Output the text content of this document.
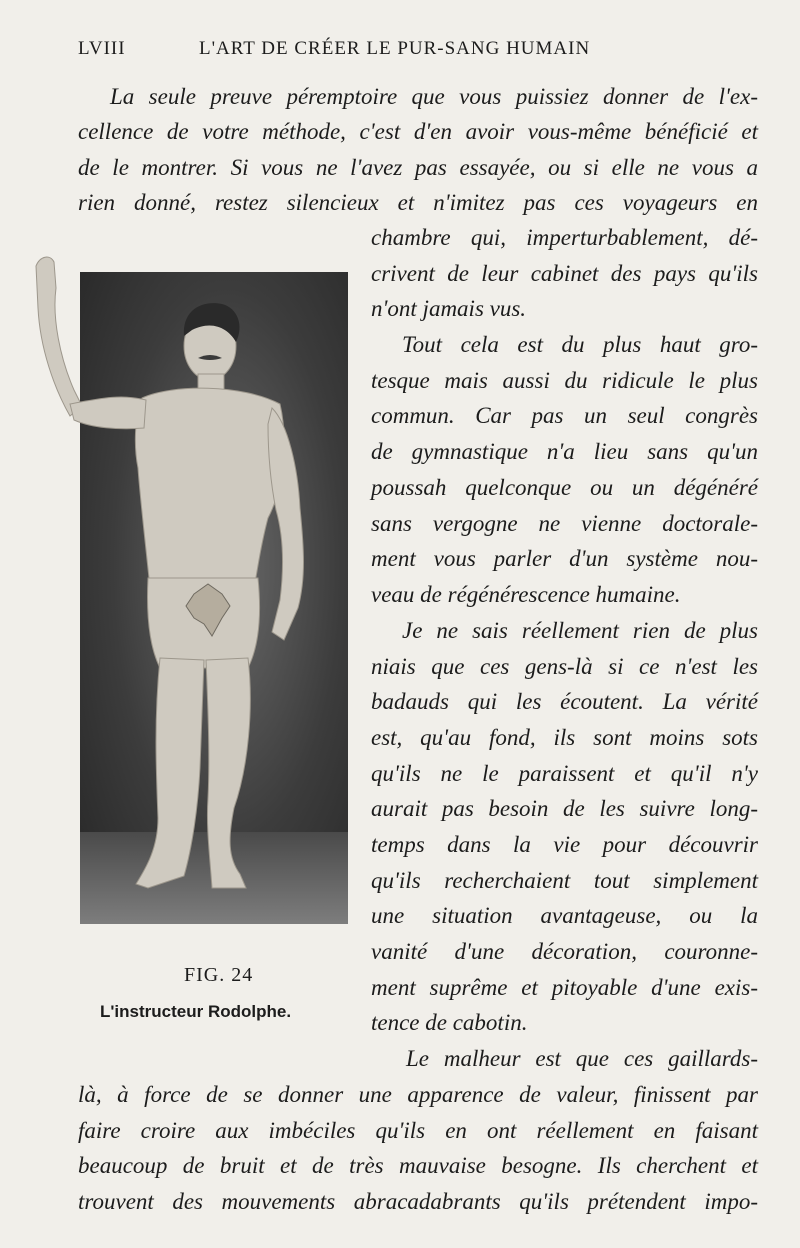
LVIII	L'ART DE CRÉER LE PUR-SANG HUMAIN
La seule preuve péremptoire que vous puissiez donner de l'ex-
cellence de votre méthode, c'est d'en avoir vous-même bénéficié et
de le montrer. Si vous ne l'avez pas essayée, ou si elle ne vous a
rien donné, restez silencieux et n'imitez pas ces voyageurs en
FIG. 24
L'instructeur Rodolphe.
chambre qui, imperturbablement, dé-
crivent de leur cabinet des pays qu'ils
n'ont jamais vus.
Tout cela est du plus haut gro-
tesque mais aussi du ridicule le plus
commun. Car pas un seul congrès
de gymnastique n'a lieu sans qu'un
poussah quelconque ou un dégénéré
sans vergogne ne vienne doctorale-
ment vous parler d'un système nou-
veau de régénérescence humaine.
Je ne sais réellement rien de plus
niais que ces gens-là si ce n'est les
badauds qui les écoutent. La vérité
est, qu'au fond, ils sont moins sots
qu'ils ne le paraissent et qu'il n'y
aurait pas besoin de les suivre long-
temps dans la vie pour découvrir
qu'ils recherchaient tout simplement
une situation avantageuse, ou la
vanité d'une décoration, couronne-
ment suprême et pitoyable d'une exis-
tence de cabotin.
Le malheur est que ces gaillards-
là, à force de se donner une apparence de valeur, finissent par
faire croire aux imbéciles qu'ils en ont réellement en faisant
beaucoup de bruit et de très mauvaise besogne. Ils cherchent et
trouvent des mouvements abracadabrants qu'ils prétendent impo-
